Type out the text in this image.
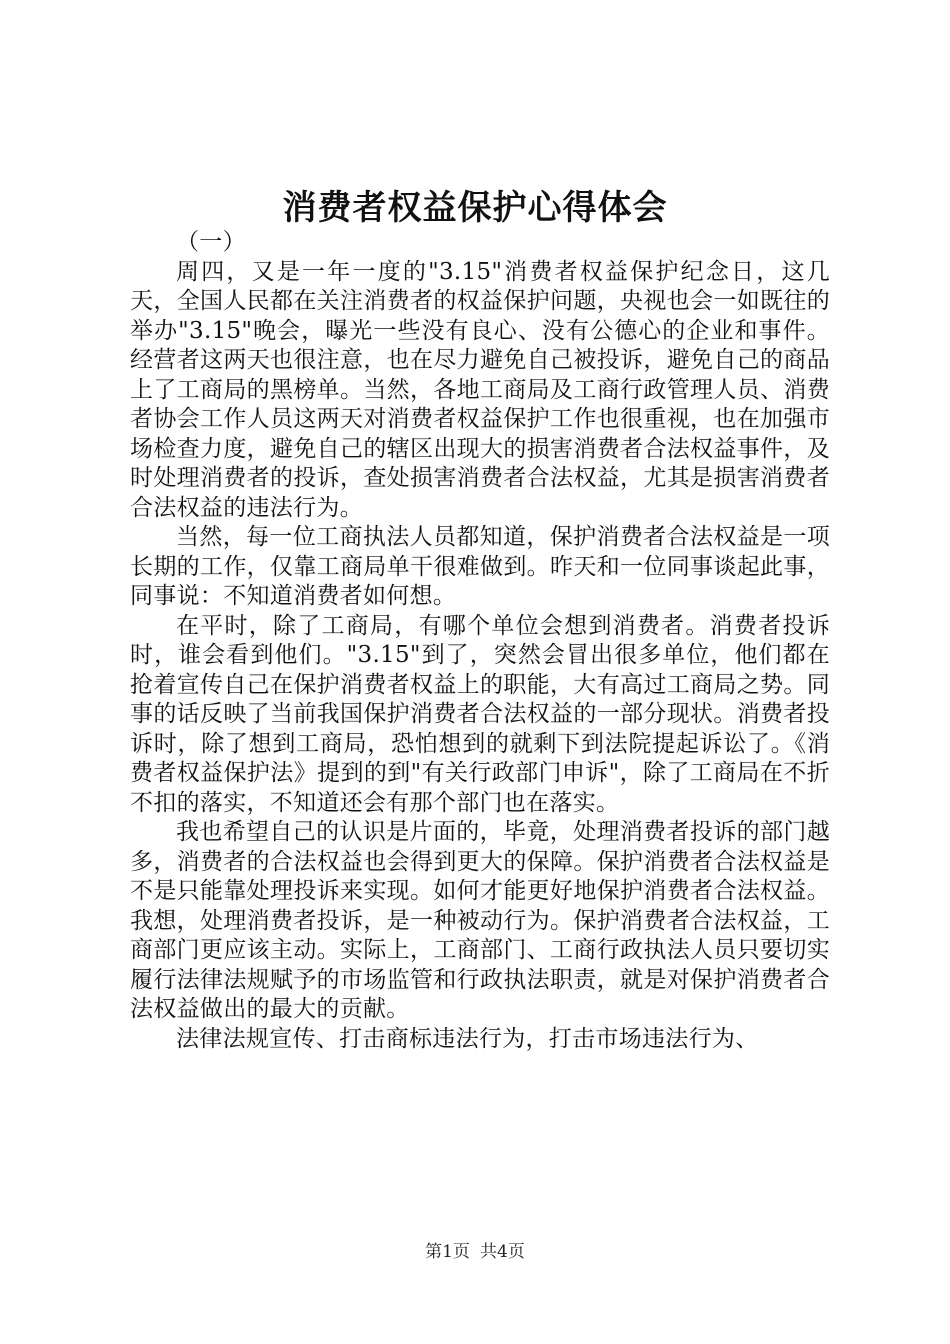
消费者权益保护心得体会

（一）

周四，又是一年一度的"3.15"消费者权益保护纪念日，这几天，全国人民都在关注消费者的权益保护问题，央视也会一如既往的举办"3.15"晚会，曝光一些没有良心、没有公德心的企业和事件。经营者这两天也很注意，也在尽力避免自己被投诉，避免自己的商品上了工商局的黑榜单。当然，各地工商局及工商行政管理人员、消费者协会工作人员这两天对消费者权益保护工作也很重视，也在加强市场检查力度，避免自己的辖区出现大的损害消费者合法权益事件，及时处理消费者的投诉，查处损害消费者合法权益，尤其是损害消费者合法权益的违法行为。

当然，每一位工商执法人员都知道，保护消费者合法权益是一项长期的工作，仅靠工商局单干很难做到。昨天和一位同事谈起此事，同事说：不知道消费者如何想。

在平时，除了工商局，有哪个单位会想到消费者。消费者投诉时，谁会看到他们。"3.15"到了，突然会冒出很多单位，他们都在抢着宣传自己在保护消费者权益上的职能，大有高过工商局之势。同事的话反映了当前我国保护消费者合法权益的一部分现状。消费者投诉时，除了想到工商局，恐怕想到的就剩下到法院提起诉讼了。《消费者权益保护法》提到的到"有关行政部门申诉"，除了工商局在不折不扣的落实，不知道还会有那个部门也在落实。

我也希望自己的认识是片面的，毕竟，处理消费者投诉的部门越多，消费者的合法权益也会得到更大的保障。保护消费者合法权益是不是只能靠处理投诉来实现。如何才能更好地保护消费者合法权益。我想，处理消费者投诉，是一种被动行为。保护消费者合法权益，工商部门更应该主动。实际上，工商部门、工商行政执法人员只要切实履行法律法规赋予的市场监管和行政执法职责，就是对保护消费者合法权益做出的最大的贡献。

法律法规宣传、打击商标违法行为，打击市场违法行为、

第1页 共4页
